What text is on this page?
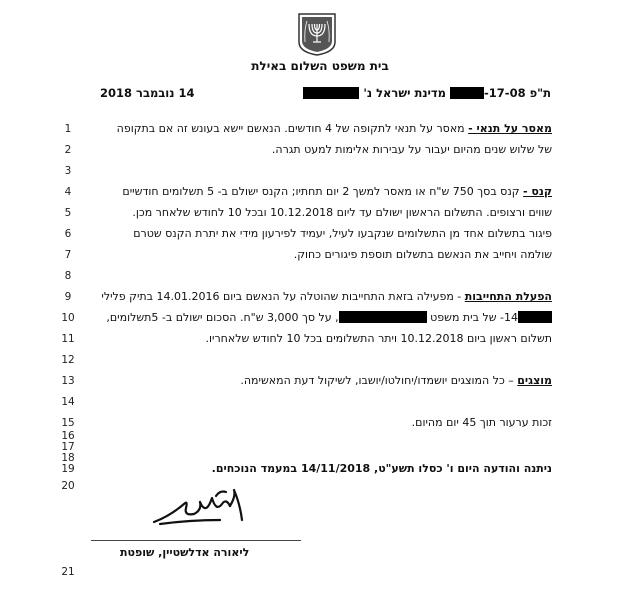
בית משפט השלום באילת
14 נובמבר 2018	ת"פ 17-08- מדינת ישראל נ'
1
2
3
4
5
6
7
8
9
10
11
12
13
14
15
16
17
18
19
20
21
מאסר על תנאי - מאסר על תנאי לתקופה של 4 חודשים. הנאשם יישא בעונש זה אם בתקופה
של שלוש שנים מהיום יעבור על עבירות אלימות למעט תגרה.
קנס - קנס בסך 750 ש"ח או מאסר למשך 2 יום תחתיו; הקנס ישולם ב- 5 תשלומים חודשיים
שווים ורצופים. התשלום הראשון ישולם עד ליום 10.12.2018 ובכל 10 לחודש שלאחר מכן.
פיגור בתשלום אחד מן התשלומים שנקבעו לעיל, יעמיד לפירעון מידי את יתרת הקנס שטרם
שולמה ויחייב את הנאשם בתשלום תוספת פיגורים כחוק.
הפעלת התחייבות - מפעילה בזאת התחייבות שהוטלה על הנאשם ביום 14.01.2016 בתיק פלילי
14- של בית משפט , על סך 3,000 ש"ח. הסכום ישולם ב- 5תשלומים,
תשלום ראשון ביום 10.12.2018 ויתר התשלומים בכל 10 לחודש שלאחריו.
מוצגים – כל המוצגים יושמדו/יחולטו/יושבו, לשיקול דעת המאשימה.
זכות ערעור תוך 45 יום מהיום.
ניתנה והודעה היום ו' כסלו תשע"ט, 14/11/2018 במעמד הנוכחים.
ליאורה אדלשטיין, שופטת
